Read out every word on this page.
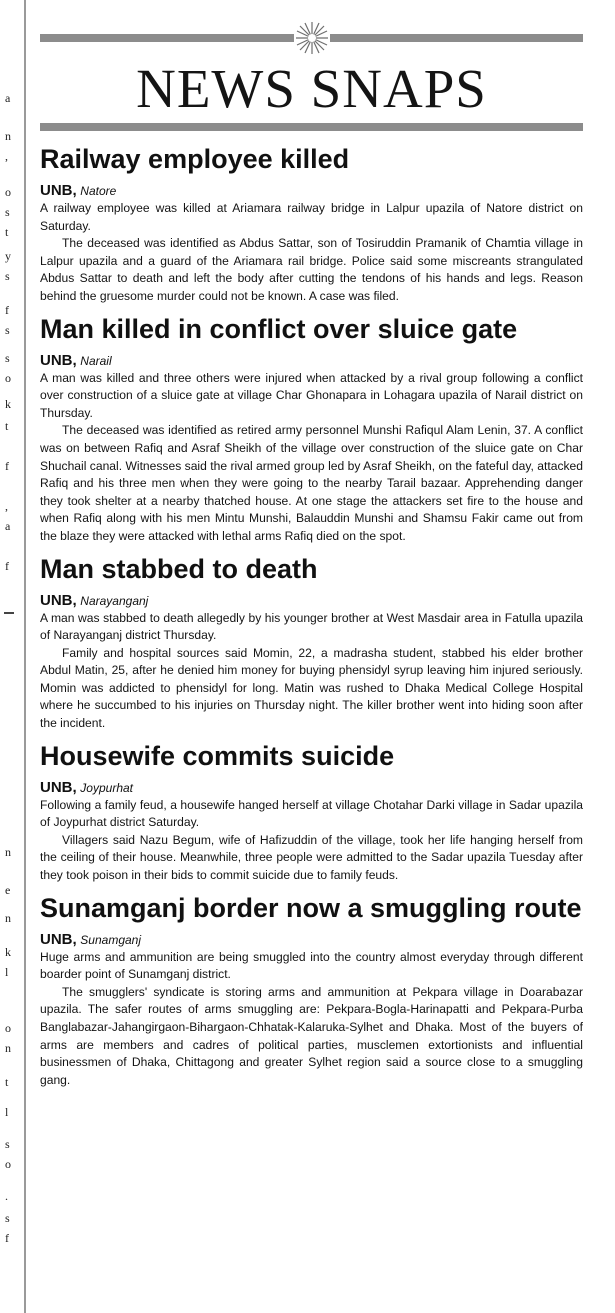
a
n
,
o
s
t
y
s
f
s
s
o
k
t
f
,
a
f
n
e
n
k
l
o
n
t
l
s
o
.
s
f
NEWS SNAPS
Railway employee killed
UNB, Natore

A railway employee was killed at Ariamara railway bridge in Lalpur upazila of Natore district on Saturday.

The deceased was identified as Abdus Sattar, son of Tosiruddin Pramanik of Chamtia village in Lalpur upazila and a guard of the Ariamara rail bridge. Police said some miscreants strangulated Abdus Sattar to death and left the body after cutting the tendons of his hands and legs. Reason behind the gruesome murder could not be known. A case was filed.

Man killed in conflict over sluice gate
UNB, Narail

A man was killed and three others were injured when attacked by a rival group following a conflict over construction of a sluice gate at village Char Ghonapara in Lohagara upazila of Narail district on Thursday.

The deceased was identified as retired army personnel Munshi Rafiqul Alam Lenin, 37. A conflict was on between Rafiq and Asraf Sheikh of the village over construction of the sluice gate on Char Shuchail canal. Witnesses said the rival armed group led by Asraf Sheikh, on the fateful day, attacked Rafiq and his three men when they were going to the nearby Tarail bazaar. Apprehending danger they took shelter at a nearby thatched house. At one stage the attackers set fire to the house and when Rafiq along with his men Mintu Munshi, Balauddin Munshi and Shamsu Fakir came out from the blaze they were attacked with lethal arms Rafiq died on the spot.

Man stabbed to death
UNB, Narayanganj

A man was stabbed to death allegedly by his younger brother at West Masdair area in Fatulla upazila of Narayanganj district Thursday.

Family and hospital sources said Momin, 22, a madrasha student, stabbed his elder brother Abdul Matin, 25, after he denied him money for buying phensidyl syrup leaving him injured seriously. Momin was addicted to phensidyl for long. Matin was rushed to Dhaka Medical College Hospital where he succumbed to his injuries on Thursday night. The killer brother went into hiding soon after the incident.

Housewife commits suicide
UNB, Joypurhat

Following a family feud, a housewife hanged herself at village Chotahar Darki village in Sadar upazila of Joypurhat district Saturday.

Villagers said Nazu Begum, wife of Hafizuddin of the village, took her life hanging herself from the ceiling of their house. Meanwhile, three people were admitted to the Sadar upazila Tuesday after they took poison in their bids to commit suicide due to family feuds.

Sunamganj border now a smuggling route
UNB, Sunamganj

Huge arms and ammunition are being smuggled into the country almost everyday through different boarder point of Sunamganj district.

The smugglers' syndicate is storing arms and ammunition at Pekpara village in Doarabazar upazila. The safer routes of arms smuggling are: Pekpara-Bogla-Harinapatti and Pekpara-Purba Banglabazar-Jahangirgaon-Bihargaon-Chhatak-Kalaruka-Sylhet and Dhaka. Most of the buyers of arms are members and cadres of political parties, musclemen extortionists and influential businessmen of Dhaka, Chittagong and greater Sylhet region said a source close to a smuggling gang.
